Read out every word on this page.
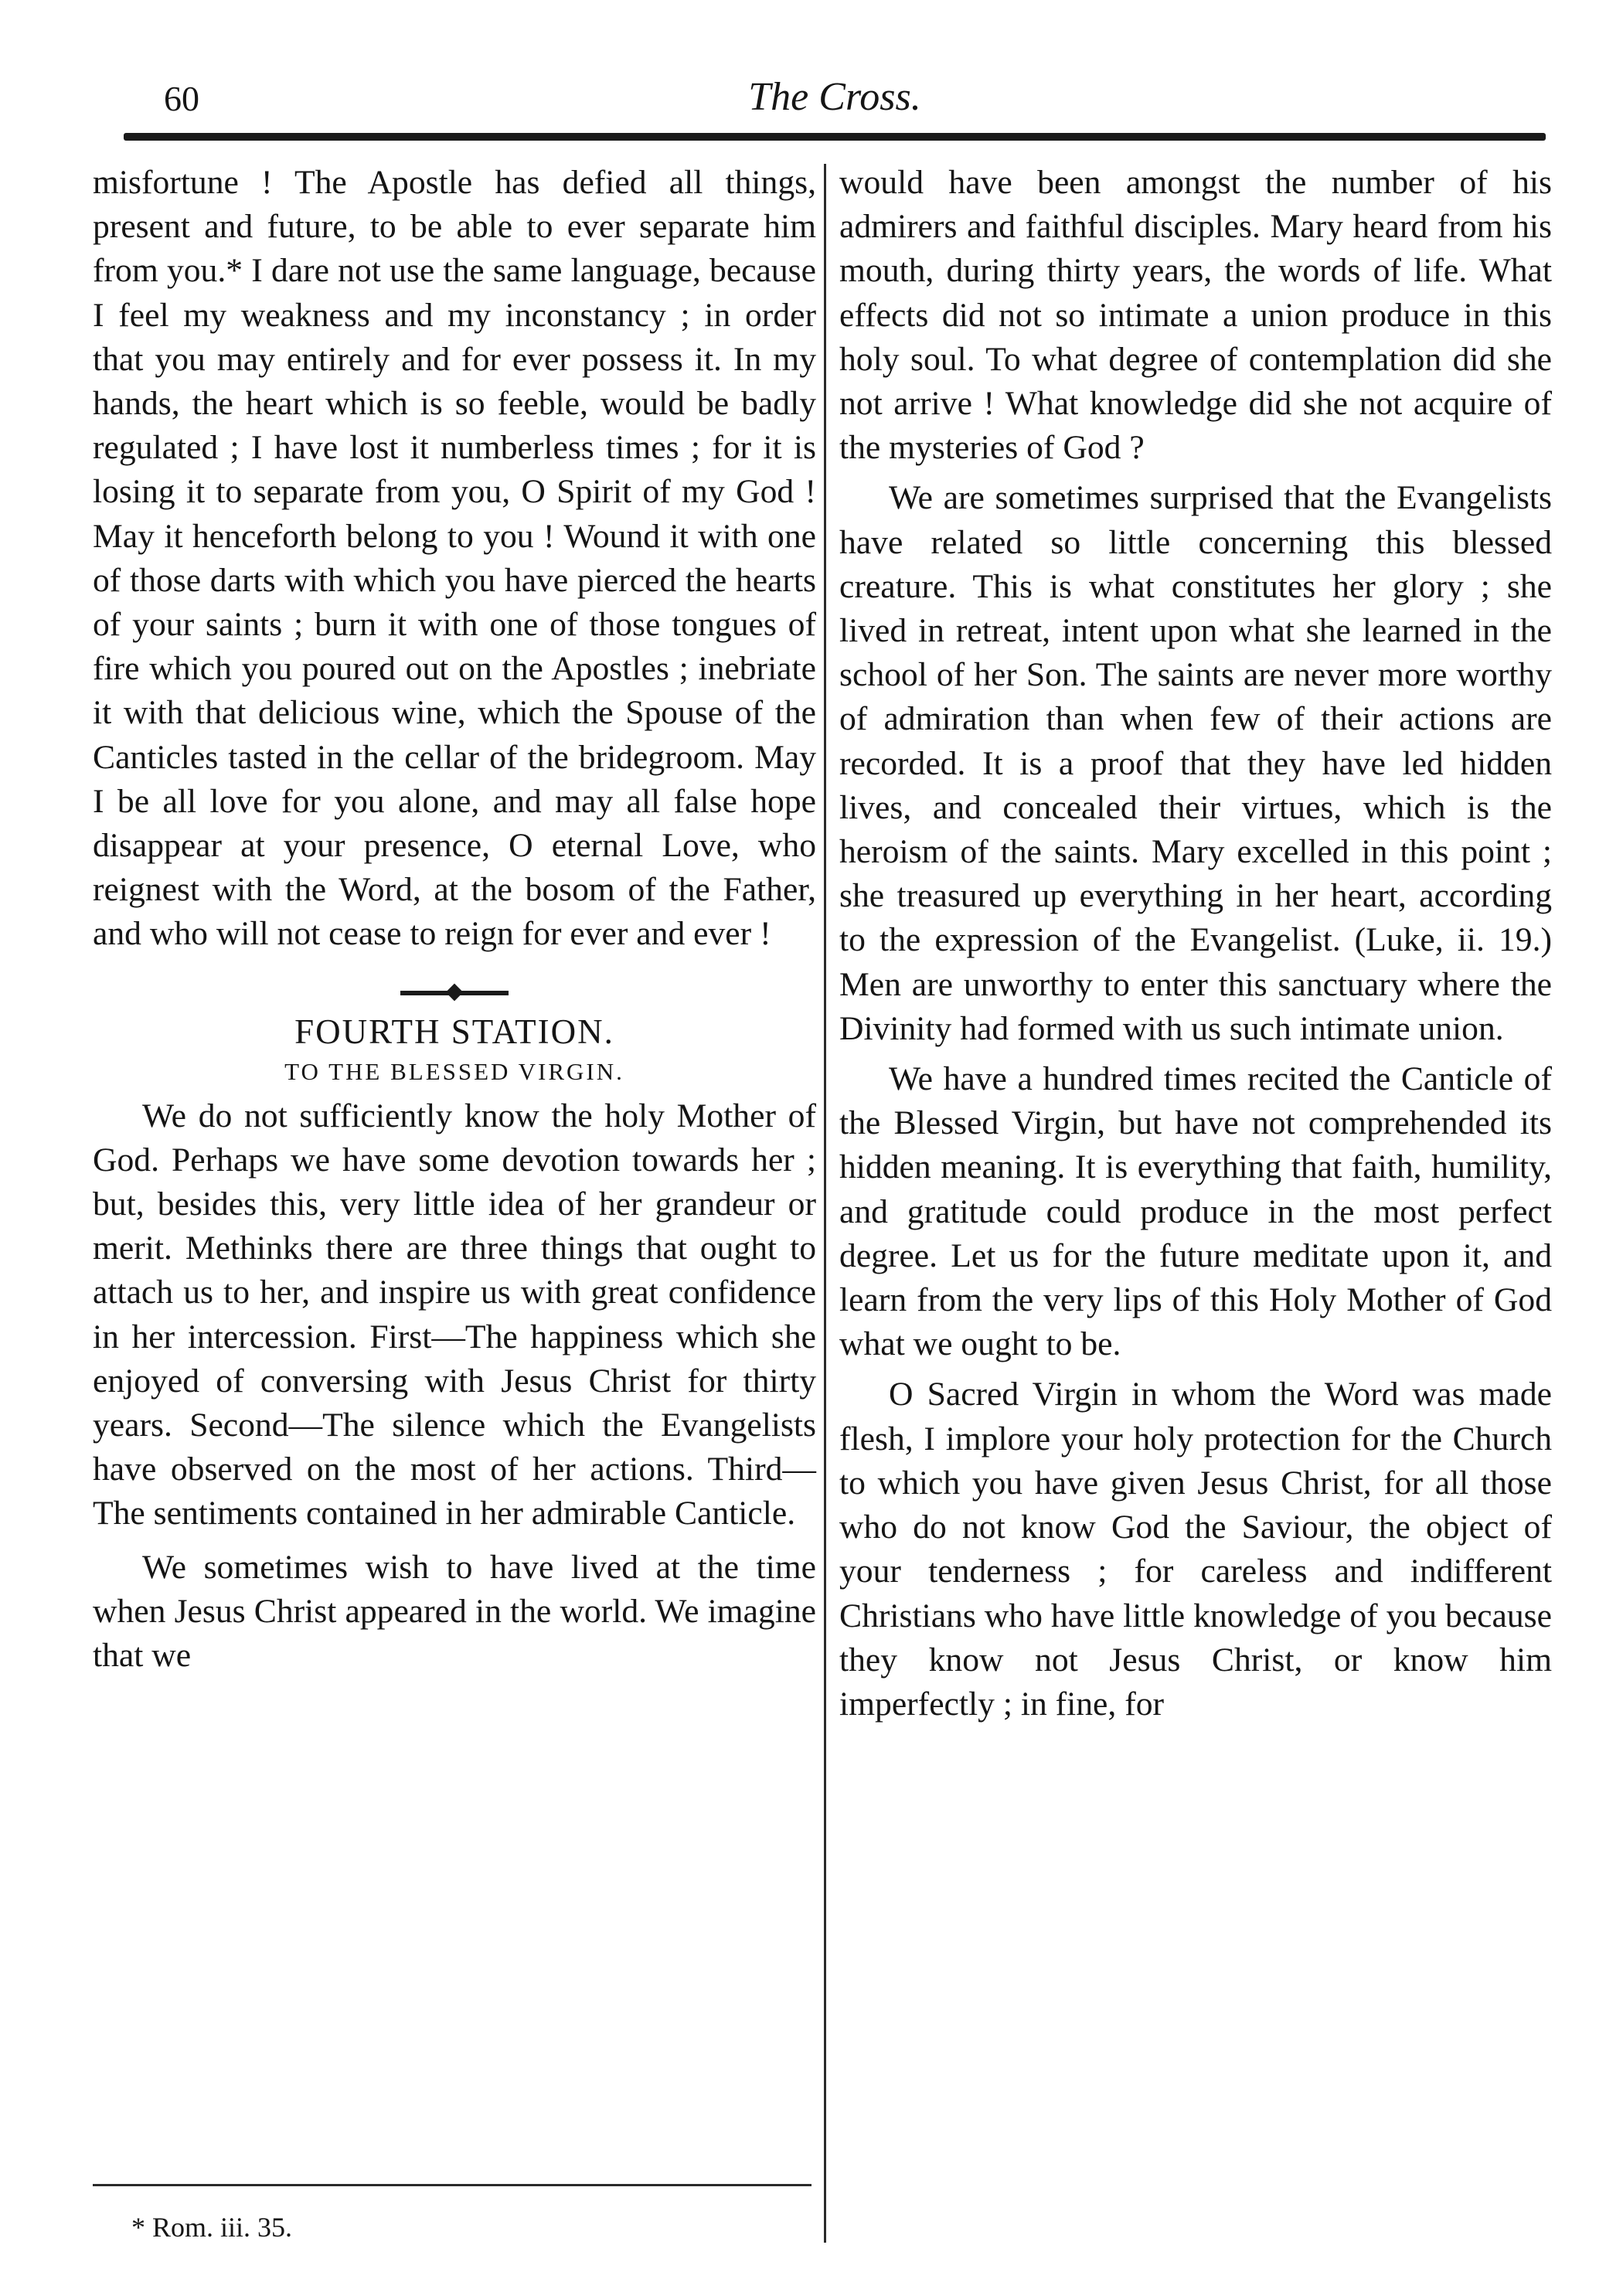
60	The Cross.

misfortune ! The Apostle has defied all things, present and future, to be able to ever separate him from you.* I dare not use the same language, because I feel my weakness and my inconstancy ; in order that you may entirely and for ever possess it. In my hands, the heart which is so feeble, would be badly regulated ; I have lost it numberless times ; for it is losing it to separate from you, O Spirit of my God ! May it henceforth belong to you ! Wound it with one of those darts with which you have pierced the hearts of your saints ; burn it with one of those tongues of fire which you poured out on the Apostles ; inebriate it with that delicious wine, which the Spouse of the Canticles tasted in the cellar of the bridegroom. May I be all love for you alone, and may all false hope disappear at your presence, O eternal Love, who reignest with the Word, at the bosom of the Father, and who will not cease to reign for ever and ever !

FOURTH STATION.
TO THE BLESSED VIRGIN.

We do not sufficiently know the holy Mother of God. Perhaps we have some devotion towards her ; but, besides this, very little idea of her grandeur or merit. Methinks there are three things that ought to attach us to her, and inspire us with great confidence in her intercession. First—The happiness which she enjoyed of conversing with Jesus Christ for thirty years. Second—The silence which the Evangelists have observed on the most of her actions. Third—The sentiments contained in her admirable Canticle.

We sometimes wish to have lived at the time when Jesus Christ appeared in the world. We imagine that we

would have been amongst the number of his admirers and faithful disciples. Mary heard from his mouth, during thirty years, the words of life. What effects did not so intimate a union produce in this holy soul. To what degree of contemplation did she not arrive ! What knowledge did she not acquire of the mysteries of God ?

We are sometimes surprised that the Evangelists have related so little concerning this blessed creature. This is what constitutes her glory ; she lived in retreat, intent upon what she learned in the school of her Son. The saints are never more worthy of admiration than when few of their actions are recorded. It is a proof that they have led hidden lives, and concealed their virtues, which is the heroism of the saints. Mary excelled in this point ; she treasured up everything in her heart, according to the expression of the Evangelist. (Luke, ii. 19.) Men are unworthy to enter this sanctuary where the Divinity had formed with us such intimate union.

We have a hundred times recited the Canticle of the Blessed Virgin, but have not comprehended its hidden meaning. It is everything that faith, humility, and gratitude could produce in the most perfect degree. Let us for the future meditate upon it, and learn from the very lips of this Holy Mother of God what we ought to be.

O Sacred Virgin in whom the Word was made flesh, I implore your holy protection for the Church to which you have given Jesus Christ, for all those who do not know God the Saviour, the object of your tenderness ; for careless and indifferent Christians who have little knowledge of you because they know not Jesus Christ, or know him imperfectly ; in fine, for

* Rom. iii. 35.
